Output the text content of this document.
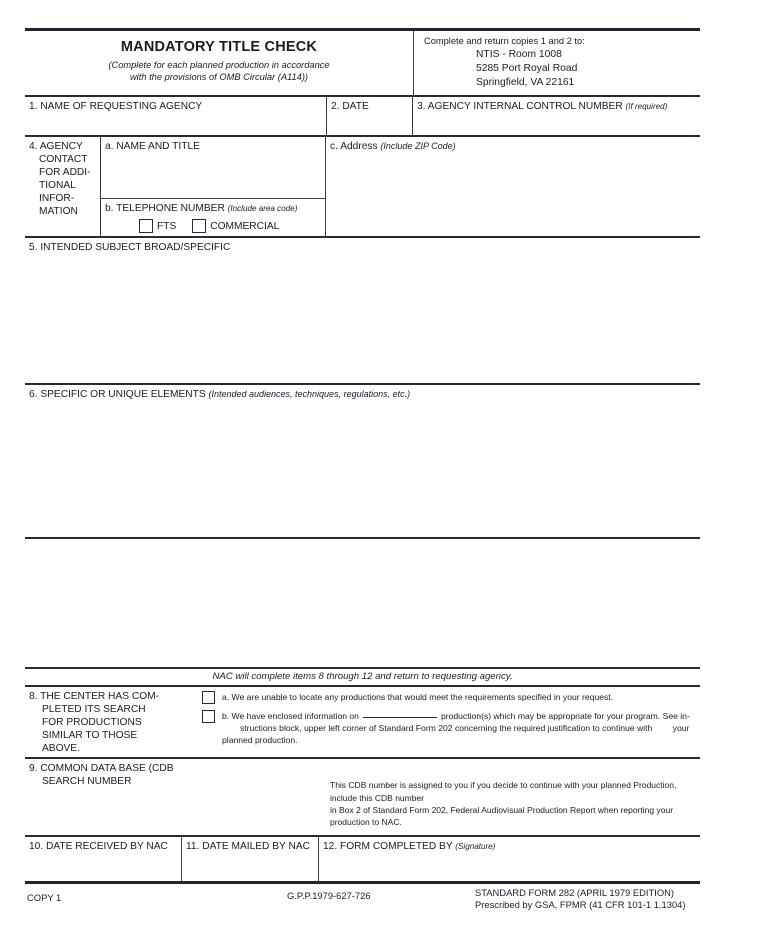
MANDATORY TITLE CHECK
(Complete for each planned production in accordance
with the provisions of OMB Circular (A114))
Complete and return copies 1 and 2 to:
NTIS - Room 1008
5285 Port Royal Road
Springfield, VA 22161
1. NAME OF REQUESTING AGENCY	2. DATE	3. AGENCY INTERNAL CONTROL NUMBER (If required)
4. AGENCY
CONTACT
FOR ADDI-
TIONAL
INFOR-
MATION
a. NAME AND TITLE
b. TELEPHONE NUMBER (Include area code)
FTS	COMMERCIAL
c. Address (Include ZIP Code)
5. INTENDED SUBJECT BROAD/SPECIFIC
6. SPECIFIC OR UNIQUE ELEMENTS (Intended audiences, techniques, regulations, etc.)
NAC will complete items 8 through 12 and return to requesting agency.
8. THE CENTER HAS COM-
PLETED ITS SEARCH
FOR PRODUCTIONS
SIMILAR TO THOSE
ABOVE.
a. We are unable to locate any productions that would meet the requirements specified in your request.
b. We have enclosed information on	production(s) which may be appropriate for your program. See in- structions block, upper left corner of Standard Form 202 concerning the required justification to continue with your planned production.
9. COMMON DATA BASE (CDB
SEARCH NUMBER	This CDB number is assigned to you if you decide to continue with your planned Production, include this CDB number
in Box 2 of Standard Form 202, Federal Audiovisual Production Report when reporting your production to NAC.
10. DATE RECEIVED BY NAC	11. DATE MAILED BY NAC	12. FORM COMPLETED BY (Signature)
COPY 1	G.P.P.1979-627-726	STANDARD FORM 282 (APRIL 1979 EDITION)
Prescribed by GSA, FPMR (41 CFR 101-1 1.1304)
